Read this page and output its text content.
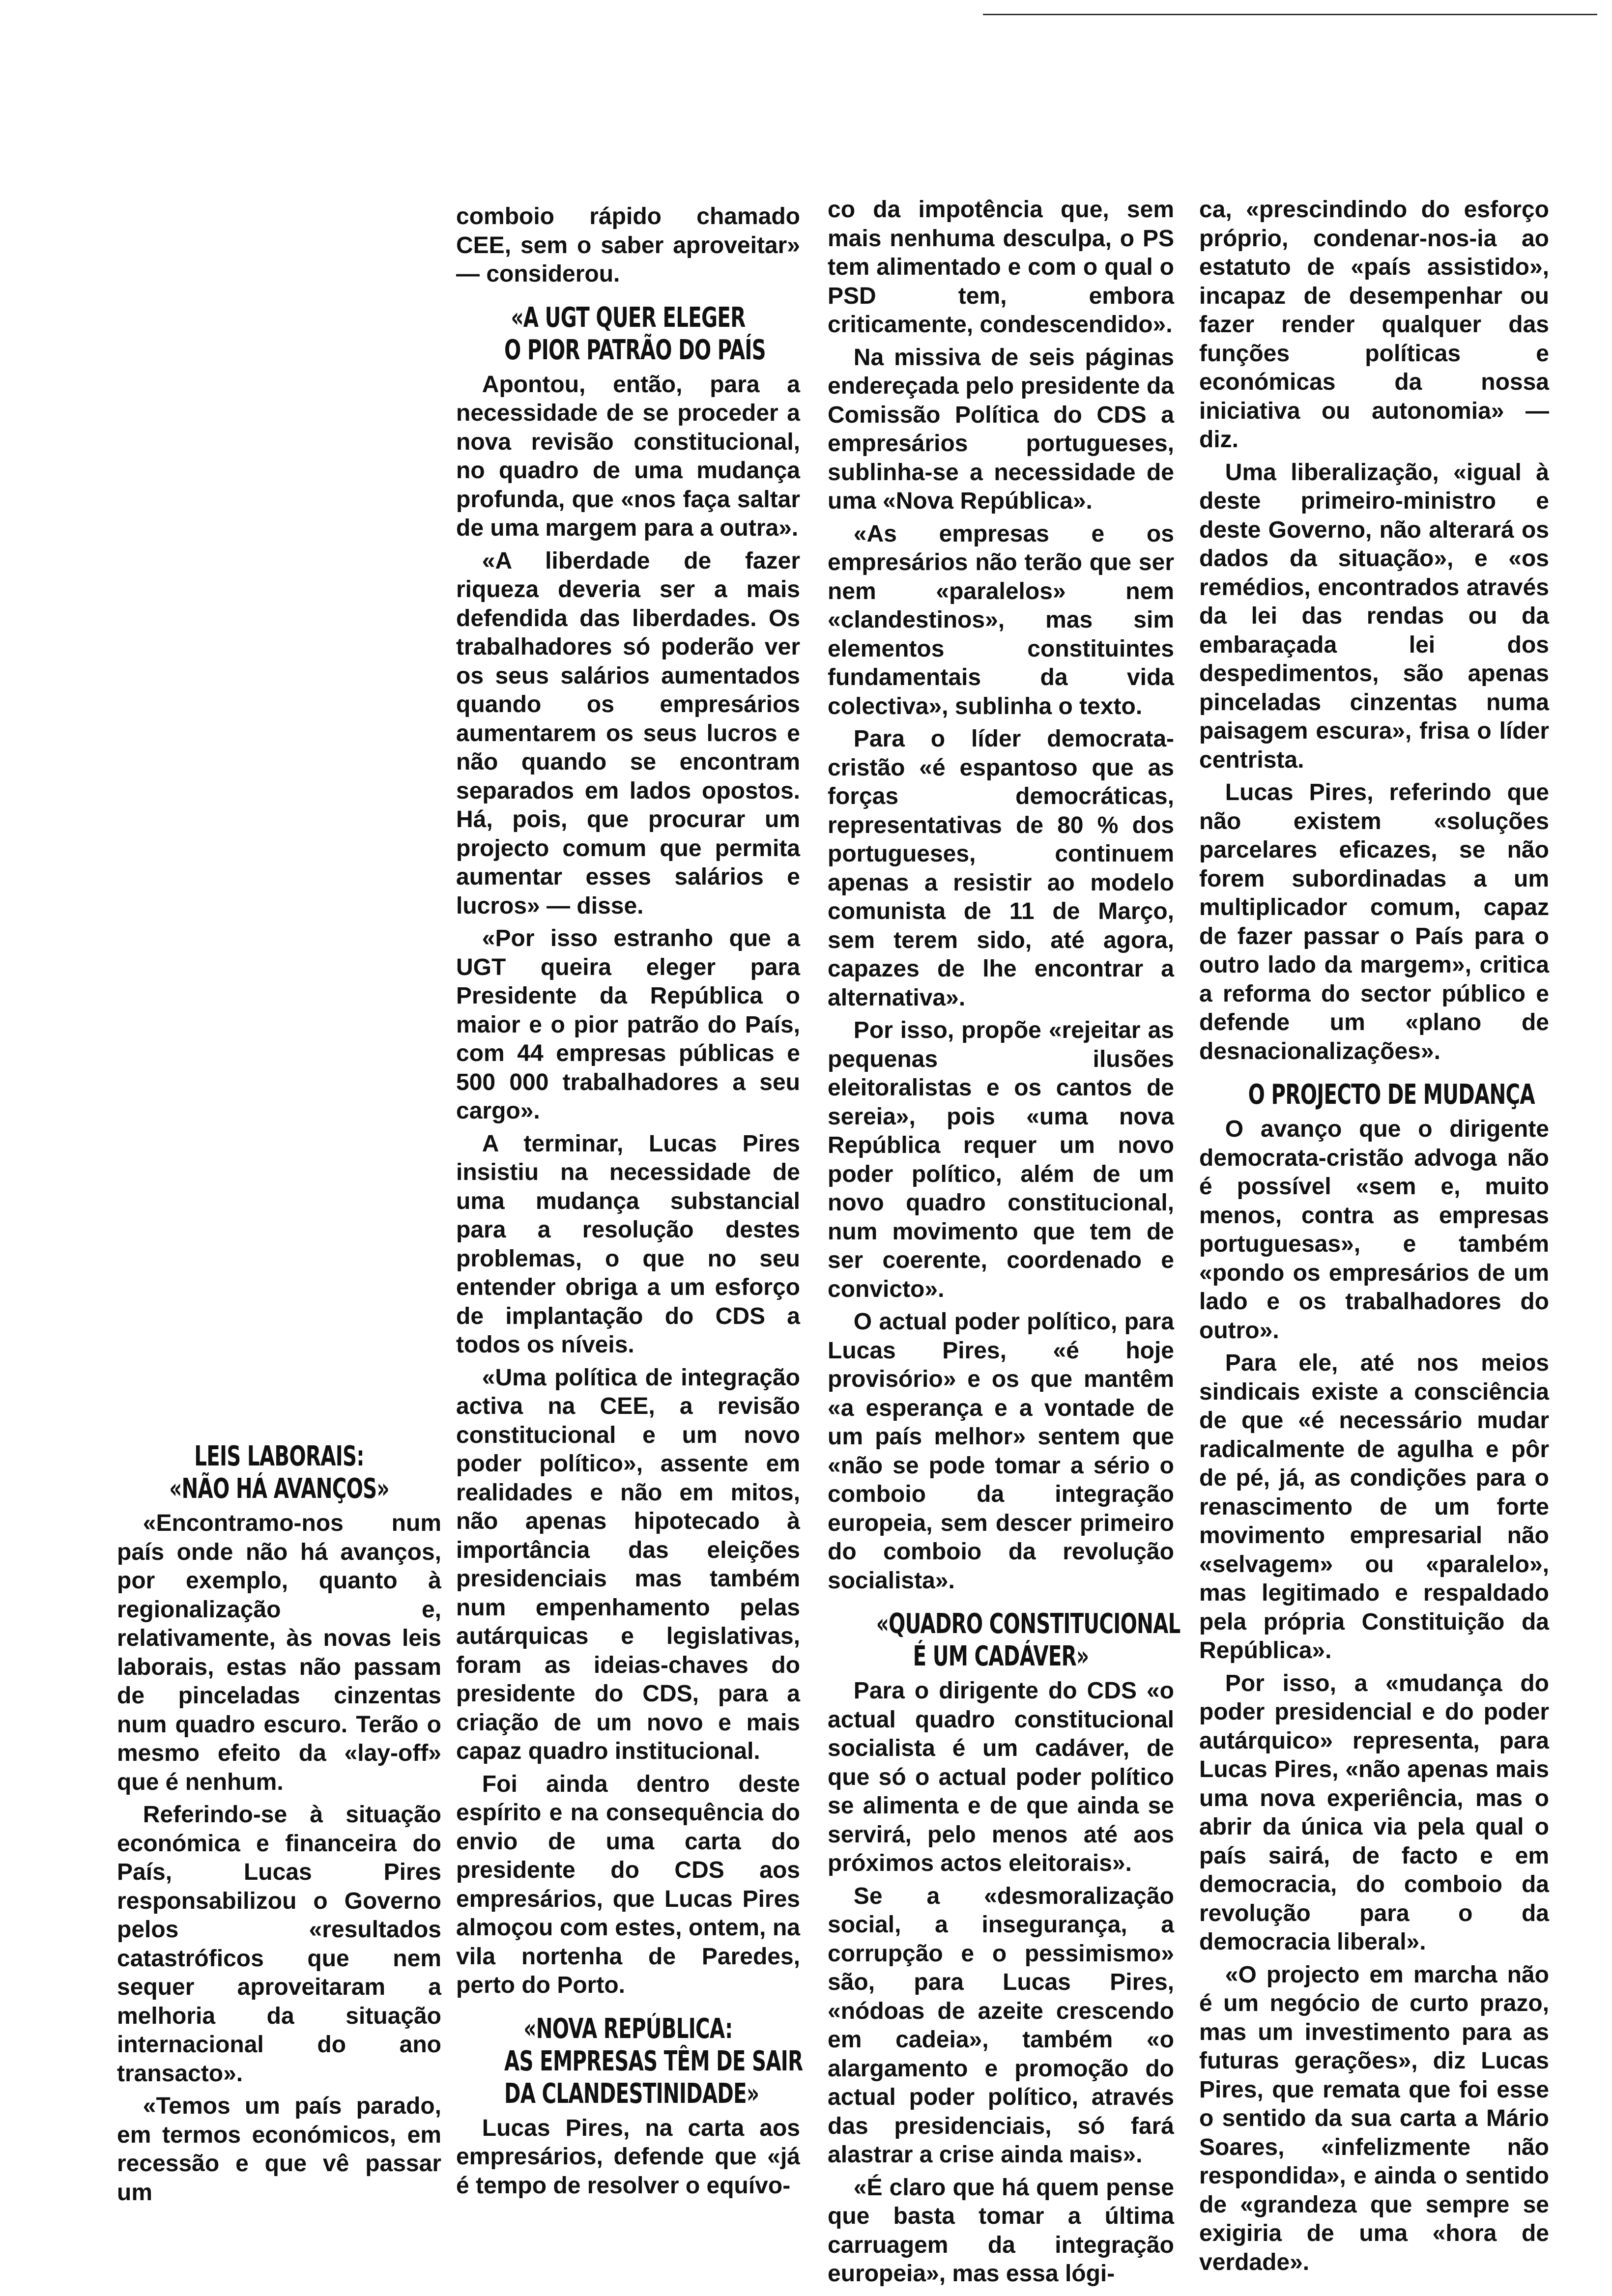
LEIS LABORAIS:
«NÃO HÁ AVANÇOS»

«Encontramo-nos num país onde não há avanços, por exemplo, quanto à regionalização e, relativamente, às novas leis laborais, estas não passam de pinceladas cinzentas num quadro escuro. Terão o mesmo efeito da «lay-off» que é nenhum.

Referindo-se à situação económica e financeira do País, Lucas Pires responsabilizou o Governo pelos «resultados catastróficos que nem sequer aproveitaram a melhoria da situação internacional do ano transacto».

«Temos um país parado, em termos económicos, em recessão e que vê passar um

comboio rápido chamado CEE, sem o saber aproveitar» — considerou.

«A UGT QUER ELEGER
O PIOR PATRÃO DO PAÍS

Apontou, então, para a necessidade de se proceder a nova revisão constitucional, no quadro de uma mudança profunda, que «nos faça saltar de uma margem para a outra».

«A liberdade de fazer riqueza deveria ser a mais defendida das liberdades. Os trabalhadores só poderão ver os seus salários aumentados quando os empresários aumentarem os seus lucros e não quando se encontram separados em lados opostos. Há, pois, que procurar um projecto comum que permita aumentar esses salários e lucros» — disse.

«Por isso estranho que a UGT queira eleger para Presidente da República o maior e o pior patrão do País, com 44 empresas públicas e 500 000 trabalhadores a seu cargo».

A terminar, Lucas Pires insistiu na necessidade de uma mudança substancial para a resolução destes problemas, o que no seu entender obriga a um esforço de implantação do CDS a todos os níveis.

«Uma política de integração activa na CEE, a revisão constitucional e um novo poder político», assente em realidades e não em mitos, não apenas hipotecado à importância das eleições presidenciais mas também num empenhamento pelas autárquicas e legislativas, foram as ideias-chaves do presidente do CDS, para a criação de um novo e mais capaz quadro institucional.

Foi ainda dentro deste espírito e na consequência do envio de uma carta do presidente do CDS aos empresários, que Lucas Pires almoçou com estes, ontem, na vila nortenha de Paredes, perto do Porto.

«NOVA REPÚBLICA:
AS EMPRESAS TÊM DE SAIR
DA CLANDESTINIDADE»

Lucas Pires, na carta aos empresários, defende que «já é tempo de resolver o equívo-

co da impotência que, sem mais nenhuma desculpa, o PS tem alimentado e com o qual o PSD tem, embora criticamente, condescendido».

Na missiva de seis páginas endereçada pelo presidente da Comissão Política do CDS a empresários portugueses, sublinha-se a necessidade de uma «Nova República».

«As empresas e os empresários não terão que ser nem «paralelos» nem «clandestinos», mas sim elementos constituintes fundamentais da vida colectiva», sublinha o texto.

Para o líder democrata-cristão «é espantoso que as forças democráticas, representativas de 80 % dos portugueses, continuem apenas a resistir ao modelo comunista de 11 de Março, sem terem sido, até agora, capazes de lhe encontrar a alternativa».

Por isso, propõe «rejeitar as pequenas ilusões eleitoralistas e os cantos de sereia», pois «uma nova República requer um novo poder político, além de um novo quadro constitucional, num movimento que tem de ser coerente, coordenado e convicto».

O actual poder político, para Lucas Pires, «é hoje provisório» e os que mantêm «a esperança e a vontade de um país melhor» sentem que «não se pode tomar a sério o comboio da integração europeia, sem descer primeiro do comboio da revolução socialista».

«QUADRO CONSTITUCIONAL
É UM CADÁVER»

Para o dirigente do CDS «o actual quadro constitucional socialista é um cadáver, de que só o actual poder político se alimenta e de que ainda se servirá, pelo menos até aos próximos actos eleitorais».

Se a «desmoralização social, a insegurança, a corrupção e o pessimismo» são, para Lucas Pires, «nódoas de azeite crescendo em cadeia», também «o alargamento e promoção do actual poder político, através das presidenciais, só fará alastrar a crise ainda mais».

«É claro que há quem pense que basta tomar a última carruagem da integração europeia», mas essa lógi-

ca, «prescindindo do esforço próprio, condenar-nos-ia ao estatuto de «país assistido», incapaz de desempenhar ou fazer render qualquer das funções políticas e económicas da nossa iniciativa ou autonomia» — diz.

Uma liberalização, «igual à deste primeiro-ministro e deste Governo, não alterará os dados da situação», e «os remédios, encontrados através da lei das rendas ou da embaraçada lei dos despedimentos, são apenas pinceladas cinzentas numa paisagem escura», frisa o líder centrista.

Lucas Pires, referindo que não existem «soluções parcelares eficazes, se não forem subordinadas a um multiplicador comum, capaz de fazer passar o País para o outro lado da margem», critica a reforma do sector público e defende um «plano de desnacionalizações».

O PROJECTO DE MUDANÇA

O avanço que o dirigente democrata-cristão advoga não é possível «sem e, muito menos, contra as empresas portuguesas», e também «pondo os empresários de um lado e os trabalhadores do outro».

Para ele, até nos meios sindicais existe a consciência de que «é necessário mudar radicalmente de agulha e pôr de pé, já, as condições para o renascimento de um forte movimento empresarial não «selvagem» ou «paralelo», mas legitimado e respaldado pela própria Constituição da República».

Por isso, a «mudança do poder presidencial e do poder autárquico» representa, para Lucas Pires, «não apenas mais uma nova experiência, mas o abrir da única via pela qual o país sairá, de facto e em democracia, do comboio da revolução para o da democracia liberal».

«O projecto em marcha não é um negócio de curto prazo, mas um investimento para as futuras gerações», diz Lucas Pires, que remata que foi esse o sentido da sua carta a Mário Soares, «infelizmente não respondida», e ainda o sentido de «grandeza que sempre se exigiria de uma «hora de verdade».
